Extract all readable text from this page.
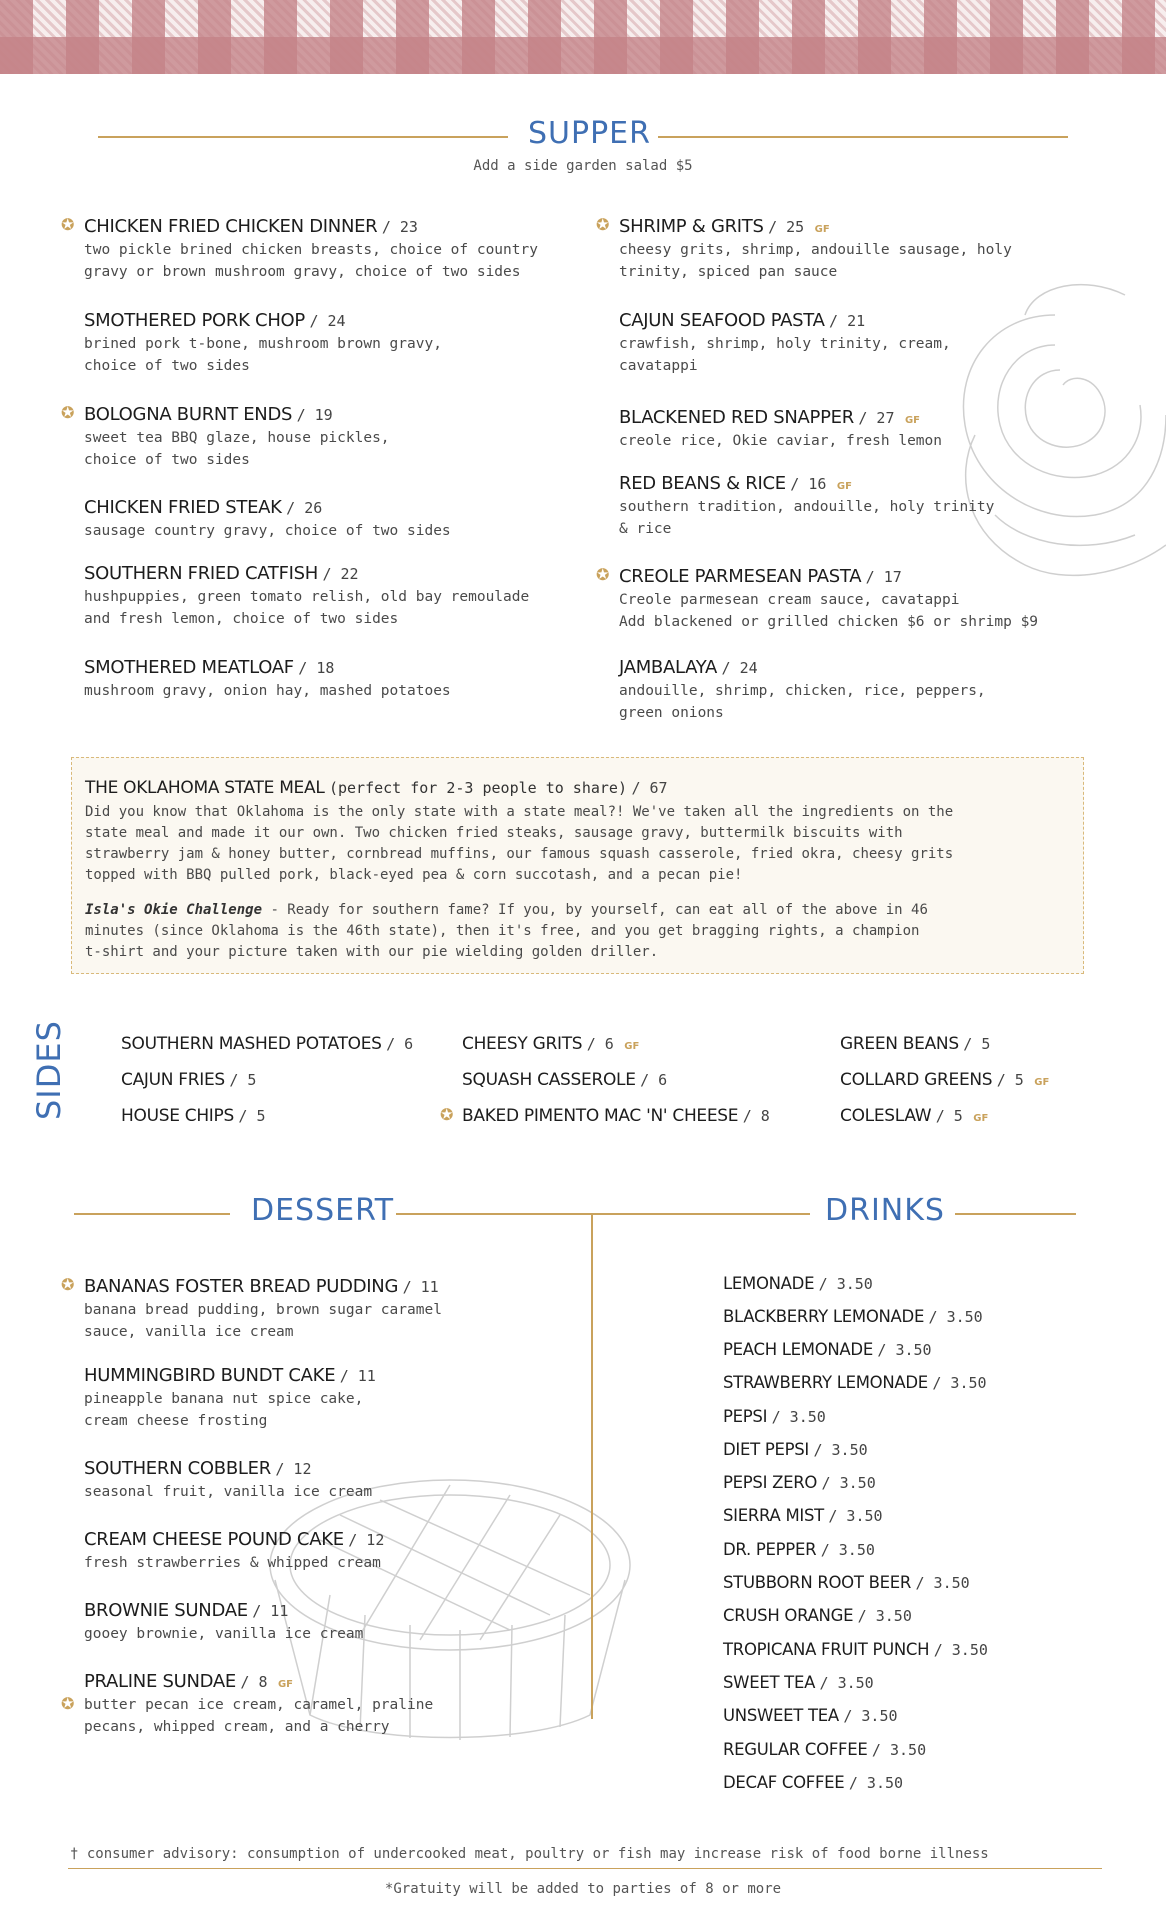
SUPPER
Add a side garden salad $5
✪ CHICKEN FRIED CHICKEN DINNER / 23
two pickle brined chicken breasts, choice of country
gravy or brown mushroom gravy, choice of two sides
SMOTHERED PORK CHOP / 24
brined pork t-bone, mushroom brown gravy,
choice of two sides
✪ BOLOGNA BURNT ENDS / 19
sweet tea BBQ glaze, house pickles,
choice of two sides
CHICKEN FRIED STEAK / 26
sausage country gravy, choice of two sides
SOUTHERN FRIED CATFISH / 22
hushpuppies, green tomato relish, old bay remoulade
and fresh lemon, choice of two sides
SMOTHERED MEATLOAF / 18
mushroom gravy, onion hay, mashed potatoes
✪ SHRIMP & GRITS / 25 GF
cheesy grits, shrimp, andouille sausage, holy
trinity, spiced pan sauce
CAJUN SEAFOOD PASTA / 21
crawfish, shrimp, holy trinity, cream,
cavatappi
BLACKENED RED SNAPPER / 27 GF
creole rice, Okie caviar, fresh lemon
RED BEANS & RICE / 16 GF
southern tradition, andouille, holy trinity
& rice
✪ CREOLE PARMESEAN PASTA / 17
Creole parmesean cream sauce, cavatappi
Add blackened or grilled chicken $6 or shrimp $9
JAMBALAYA / 24
andouille, shrimp, chicken, rice, peppers,
green onions
THE OKLAHOMA STATE MEAL (perfect for 2-3 people to share) / 67
Did you know that Oklahoma is the only state with a state meal?! We've taken all the ingredients on the
state meal and made it our own. Two chicken fried steaks, sausage gravy, buttermilk biscuits with
strawberry jam & honey butter, cornbread muffins, our famous squash casserole, fried okra, cheesy grits
topped with BBQ pulled pork, black-eyed pea & corn succotash, and a pecan pie!
Isla's Okie Challenge - Ready for southern fame? If you, by yourself, can eat all of the above in 46
minutes (since Oklahoma is the 46th state), then it's free, and you get bragging rights, a champion
t-shirt and your picture taken with our pie wielding golden driller.
SIDES	SOUTHERN MASHED POTATOES / 6
CAJUN FRIES / 5
HOUSE CHIPS / 5
CHEESY GRITS / 6 GF
SQUASH CASSEROLE / 6
✪ BAKED PIMENTO MAC 'N' CHEESE / 8
GREEN BEANS / 5
COLLARD GREENS / 5 GF
COLESLAW / 5 GF
DESSERT	DRINKS
✪ BANANAS FOSTER BREAD PUDDING / 11
banana bread pudding, brown sugar caramel
sauce, vanilla ice cream
HUMMINGBIRD BUNDT CAKE / 11
pineapple banana nut spice cake,
cream cheese frosting
SOUTHERN COBBLER / 12
seasonal fruit, vanilla ice cream
CREAM CHEESE POUND CAKE / 12
fresh strawberries & whipped cream
BROWNIE SUNDAE / 11
gooey brownie, vanilla ice cream
✪
PRALINE SUNDAE / 8 GF
butter pecan ice cream, caramel, praline
pecans, whipped cream, and a cherry
LEMONADE / 3.50
BLACKBERRY LEMONADE / 3.50
PEACH LEMONADE / 3.50
STRAWBERRY LEMONADE / 3.50
PEPSI / 3.50
DIET PEPSI / 3.50
PEPSI ZERO / 3.50
SIERRA MIST / 3.50
DR. PEPPER / 3.50
STUBBORN ROOT BEER / 3.50
CRUSH ORANGE / 3.50
TROPICANA FRUIT PUNCH / 3.50
SWEET TEA / 3.50
UNSWEET TEA / 3.50
REGULAR COFFEE / 3.50
DECAF COFFEE / 3.50
† consumer advisory: consumption of undercooked meat, poultry or fish may increase risk of food borne illness
*Gratuity will be added to parties of 8 or more
